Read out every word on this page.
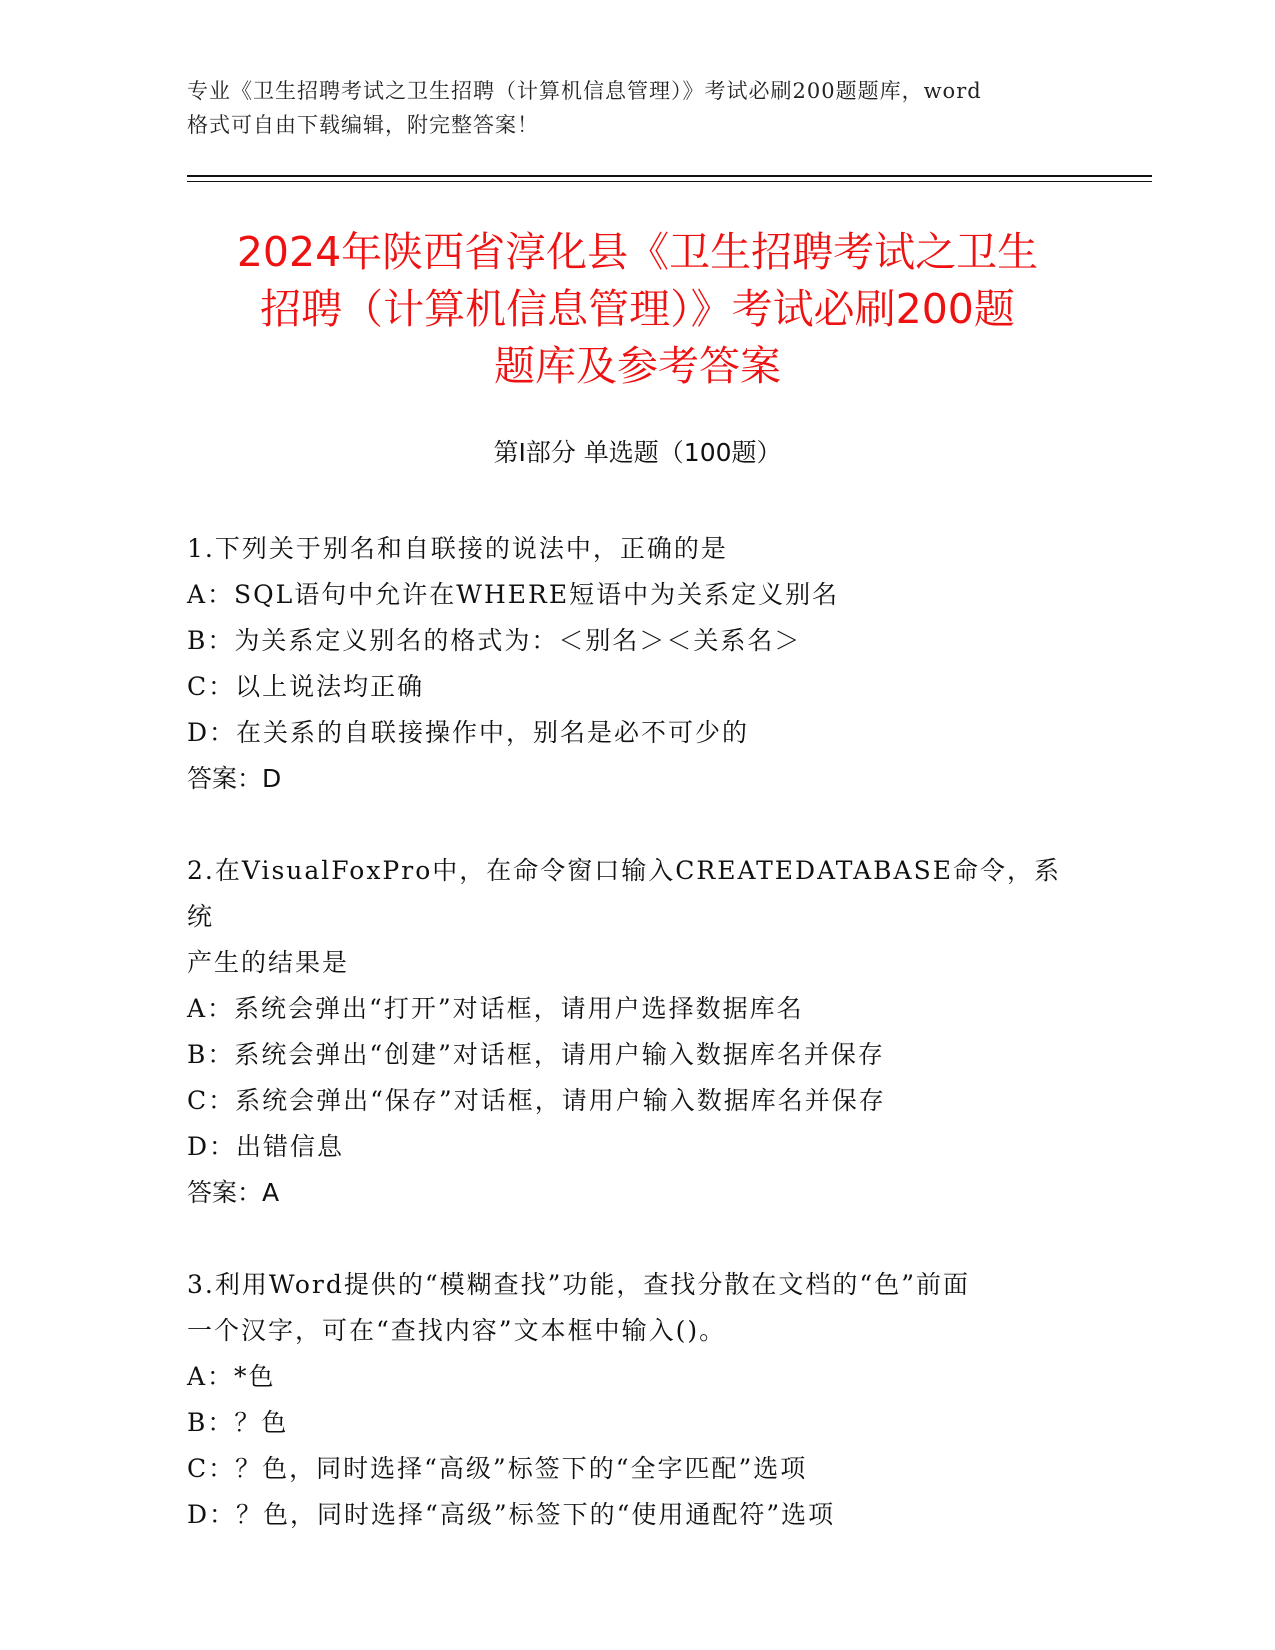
专业《卫生招聘考试之卫生招聘（计算机信息管理）》考试必刷200题题库，word
格式可自由下载编辑，附完整答案！
2024年陕西省淳化县《卫生招聘考试之卫生
招聘（计算机信息管理）》考试必刷200题
题库及参考答案
第Ⅰ部分 单选题（100题）
1.下列关于别名和自联接的说法中，正确的是
A：SQL语句中允许在WHERE短语中为关系定义别名
B：为关系定义别名的格式为：＜别名＞＜关系名＞
C：以上说法均正确
D：在关系的自联接操作中，别名是必不可少的
答案：D
2.在VisualFoxPro中，在命令窗口输入CREATEDATABASE命令，系统
产生的结果是
A：系统会弹出“打开”对话框，请用户选择数据库名
B：系统会弹出“创建”对话框，请用户输入数据库名并保存
C：系统会弹出“保存”对话框，请用户输入数据库名并保存
D：出错信息
答案：A
3.利用Word提供的“模糊查找”功能，查找分散在文档的“色”前面
一个汉字，可在“查找内容”文本框中输入()。
A：*色
B：？色
C：？色，同时选择“高级”标签下的“全字匹配”选项
D：？色，同时选择“高级”标签下的“使用通配符”选项
